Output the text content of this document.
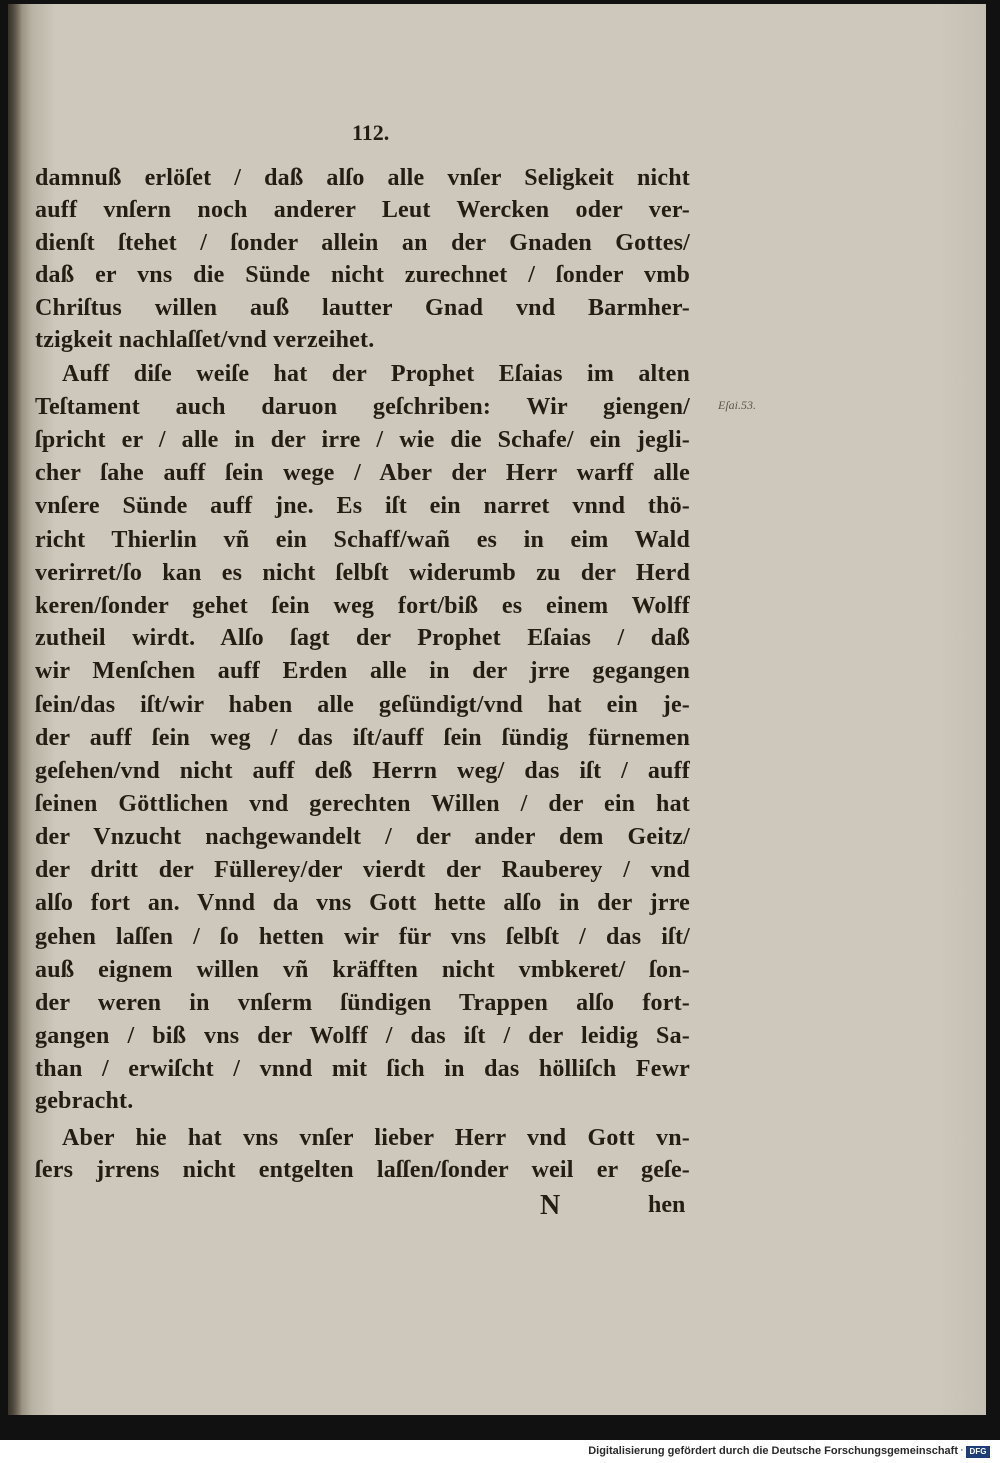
112.
damnuß erlöſet / daß alſo alle vnſer Seligkeit nicht
auff vnſern noch anderer Leut Wercken oder ver-
dienſt ſtehet / ſonder allein an der Gnaden Gottes/
daß er vns die Sünde nicht zurechnet / ſonder vmb
Chriſtus willen auß lautter Gnad vnd Barmher-
tzigkeit nachlaſſet/vnd verzeihet.
Auff diſe weiſe hat der Prophet Eſaias im alten
Teſtament auch daruon geſchriben: Wir giengen/
ſpricht er / alle in der irre / wie die Schafe/ ein jegli-
cher ſahe auff ſein wege / Aber der Herr warff alle
vnſere Sünde auff jne. Es iſt ein narret vnnd thö-
richt Thierlin vñ ein Schaff/wañ es in eim Wald
verirret/ſo kan es nicht ſelbſt widerumb zu der Herd
keren/ſonder gehet ſein weg fort/biß es einem Wolff
zutheil wirdt. Alſo ſagt der Prophet Eſaias / daß
wir Menſchen auff Erden alle in der jrre gegangen
ſein/das iſt/wir haben alle geſündigt/vnd hat ein je-
der auff ſein weg / das iſt/auff ſein ſündig fürnemen
geſehen/vnd nicht auff deß Herrn weg/ das iſt / auff
ſeinen Göttlichen vnd gerechten Willen / der ein hat
der Vnzucht nachgewandelt / der ander dem Geitz/
der dritt der Füllerey/der vierdt der Rauberey / vnd
alſo fort an. Vnnd da vns Gott hette alſo in der jrre
gehen laſſen / ſo hetten wir für vns ſelbſt / das iſt/
auß eignem willen vñ kräfften nicht vmbkeret/ ſon-
der weren in vnſerm ſündigen Trappen alſo fort-
gangen / biß vns der Wolff / das iſt / der leidig Sa-
than / erwiſcht / vnnd mit ſich in das hölliſch Fewr
gebracht.
Aber hie hat vns vnſer lieber Herr vnd Gott vn-
ſers jrrens nicht entgelten laſſen/ſonder weil er geſe-
Eſai.53.
N	hen
Digitalisierung gefördert durch die Deutsche Forschungsgemeinschaft · DFG
